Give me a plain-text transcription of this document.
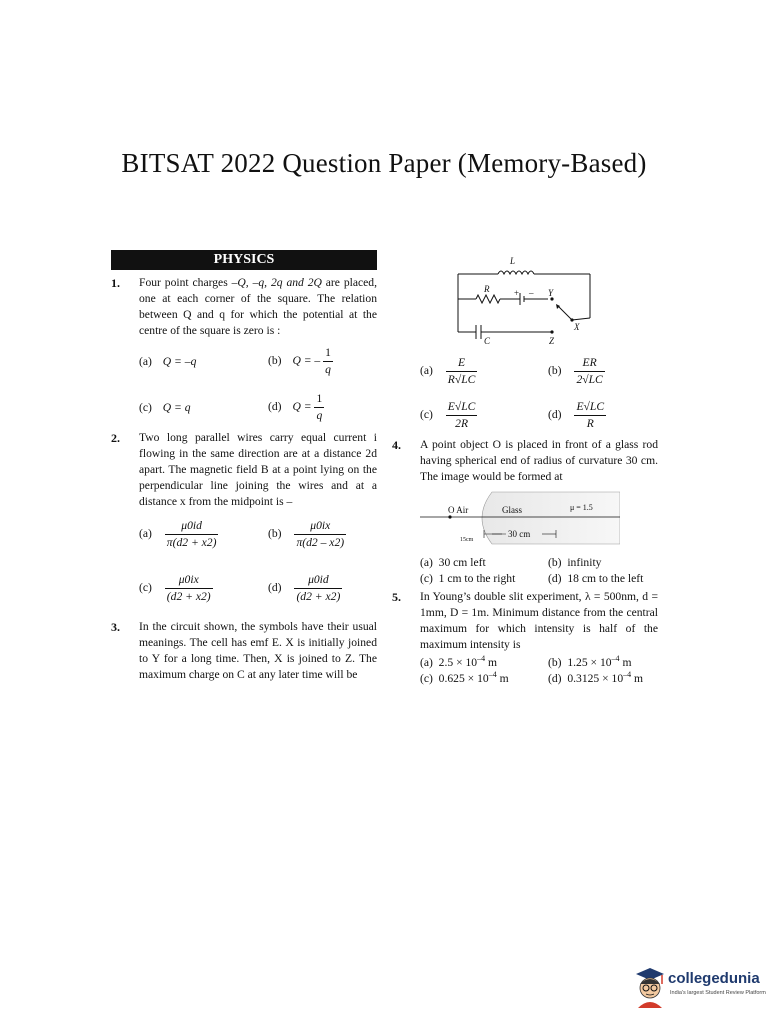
BITSAT 2022 Question Paper (Memory-Based)
PHYSICS
1. Four point charges –Q, –q, 2q and 2Q are placed, one at each corner of the square. The relation between Q and q for which the potential at the centre of the square is zero is :
(a) Q = –q	(b) Q = – $\frac{1}{q}$
(c) Q = q	(d) $Q = \frac{1}{q}$
2. Two long parallel wires carry equal current i flowing in the same direction are at a distance 2d apart. The magnetic field B at a point lying on the perpendicular line joining the wires and at a distance x from the midpoint is –
$(a) \frac{\mu 0id}{\pi(d2 + x2)}$	$(b) \frac{\mu 0ix}{\pi(d2 - x2)}$
$(c) \frac{\mu 0ix}{(d2 + x2)}$	$(d) \frac{\mu 0id}{(d2 + x2)}$
3. In the circuit shown, the symbols have their usual meanings. The cell has emf E. X is initially joined to Y for a long time. Then, X is joined to Z. The maximum charge on C at any later time will be
L
R	+ – Y
X
C	Z
$(a) \frac{E}{R√LC}$	$(b) \frac{ER}{2√LC}$
$(c) \frac{E√LC}{2R}$	$(d) \frac{E√LC}{R}$
4. A point object O is placed in front of a glass rod having spherical end of radius of curvature 30 cm. The image would be formed at
O Air	Glass	μ = 1.5
30 cm
15cm
(a) 30 cm left	(b) infinity
(c) 1 cm to the right	(d) 18 cm to the left
5. In Young’s double slit experiment, λ = 500nm, d = 1mm, D = 1m. Minimum distance from the central maximum for which intensity is half of the maximum intensity is
(a) $2.5 \times 10^{-4}$ m	(b) $1.25 \times 10^{-4}$ m
(c) $0.625 \times 10^{-4}$ m	(d) $0.3125 \times 10^{-4}$ m
collegedunia
India's largest Student Review Platform
